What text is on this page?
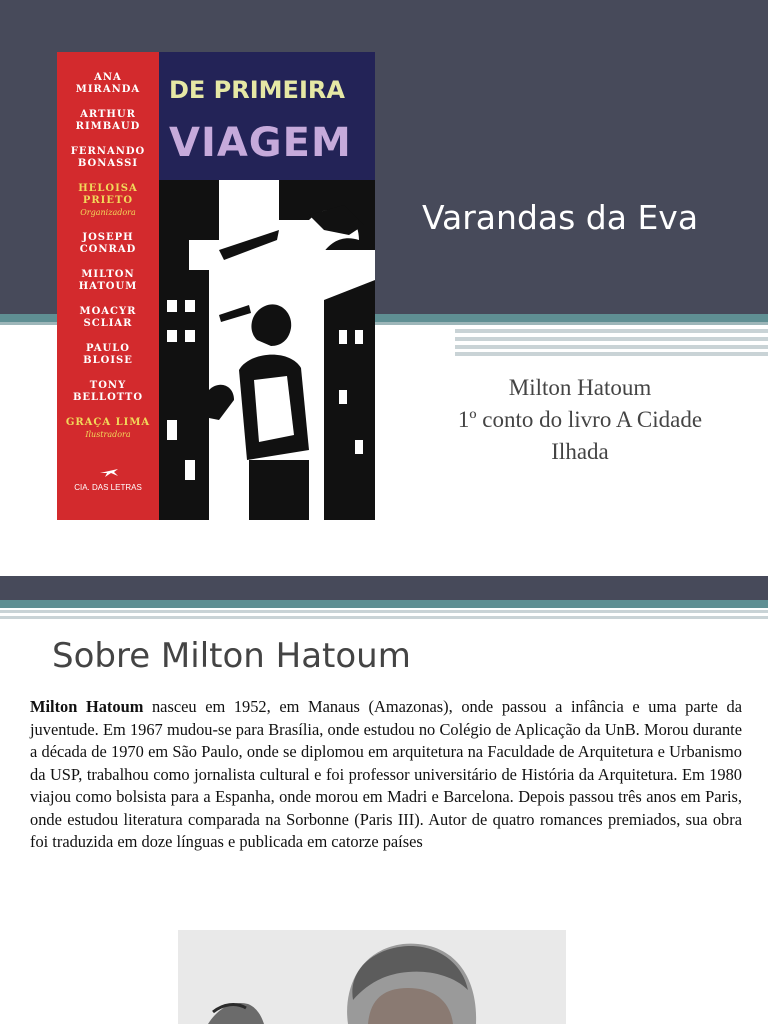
Varandas da Eva
Milton Hatoum
1º conto do livro A Cidade
Ilhada
ANA
MIRANDA
ARTHUR
RIMBAUD
FERNANDO
BONASSI
HELOISA
PRIETO
Organizadora
JOSEPH
CONRAD
MILTON
HATOUM
MOACYR
SCLIAR
PAULO
BLOISE
TONY
BELLOTTO
GRAÇA LIMA
Ilustradora
CIA. DAS LETRAS
DE PRIMEIRA
VIAGEM
Sobre Milton Hatoum
Milton Hatoum nasceu em 1952, em Manaus (Amazonas), onde passou a infância e uma parte da juventude. Em 1967 mudou-se para Brasília, onde estudou no Colégio de Aplicação da UnB. Morou durante a década de 1970 em São Paulo, onde se diplomou em arquitetura na Faculdade de Arquitetura e Urbanismo da USP, trabalhou como jornalista cultural e foi professor universitário de História da Arquitetura. Em 1980 viajou como bolsista para a Espanha, onde morou em Madri e Barcelona. Depois passou três anos em Paris, onde estudou literatura comparada na Sorbonne (Paris III). Autor de quatro romances premiados, sua obra foi traduzida em doze línguas e publicada em catorze países
